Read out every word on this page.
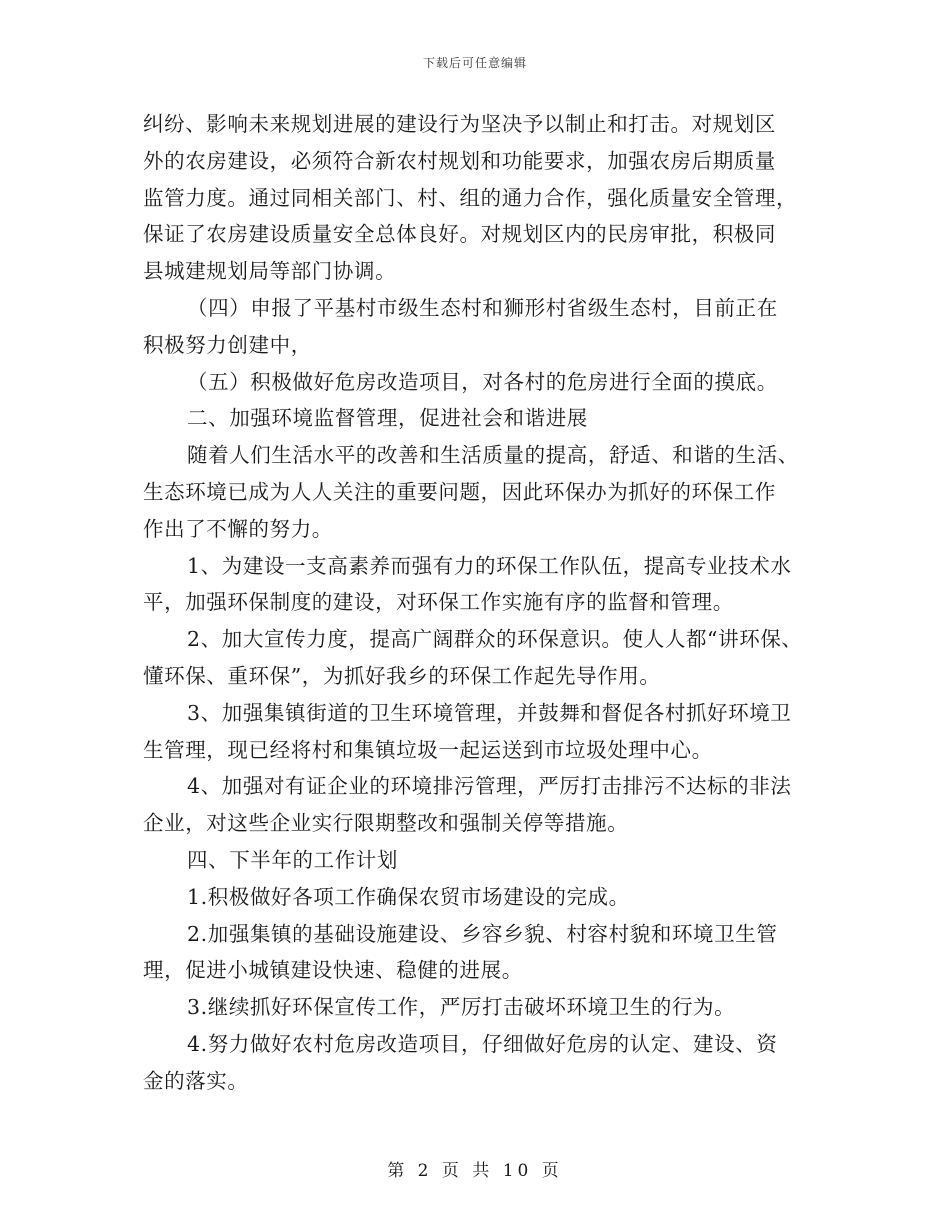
下载后可任意编辑
纠纷、影响未来规划进展的建设行为坚决予以制止和打击。对规划区
外的农房建设，必须符合新农村规划和功能要求，加强农房后期质量
监管力度。通过同相关部门、村、组的通力合作，强化质量安全管理，
保证了农房建设质量安全总体良好。对规划区内的民房审批，积极同
县城建规划局等部门协调。
（四）申报了平基村市级生态村和狮形村省级生态村，目前正在
积极努力创建中，
（五）积极做好危房改造项目，对各村的危房进行全面的摸底。
二、加强环境监督管理，促进社会和谐进展
随着人们生活水平的改善和生活质量的提高，舒适、和谐的生活、
生态环境已成为人人关注的重要问题，因此环保办为抓好的环保工作
作出了不懈的努力。
1、为建设一支高素养而强有力的环保工作队伍，提高专业技术水
平，加强环保制度的建设，对环保工作实施有序的监督和管理。
2、加大宣传力度，提高广阔群众的环保意识。使人人都“讲环保、
懂环保、重环保”，为抓好我乡的环保工作起先导作用。
3、加强集镇街道的卫生环境管理，并鼓舞和督促各村抓好环境卫
生管理，现已经将村和集镇垃圾一起运送到市垃圾处理中心。
4、加强对有证企业的环境排污管理，严厉打击排污不达标的非法
企业，对这些企业实行限期整改和强制关停等措施。
四、下半年的工作计划
1.积极做好各项工作确保农贸市场建设的完成。
2.加强集镇的基础设施建设、乡容乡貌、村容村貌和环境卫生管
理，促进小城镇建设快速、稳健的进展。
3.继续抓好环保宣传工作，严厉打击破坏环境卫生的行为。
4.努力做好农村危房改造项目，仔细做好危房的认定、建设、资
金的落实。
第 2 页 共 10 页
